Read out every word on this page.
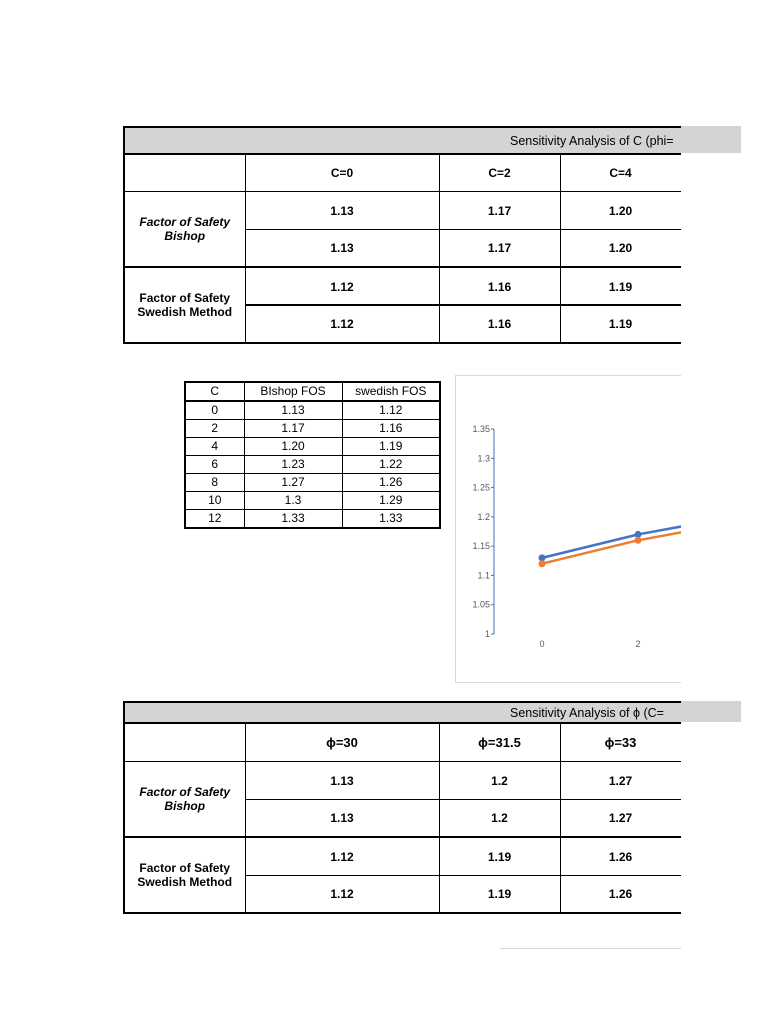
Sensitivity Analysis of C (phi=				
	C=0	C=2	C=4	
Factor of Safety
Bishop	1.13	1.17	1.20	
	1.13	1.17	1.20	
Factor of Safety
Swedish Method	1.12	1.16	1.19	
	1.12	1.16	1.19	
C	BIshop FOS	swedish FOS
0	1.13	1.12
2	1.17	1.16
4	1.20	1.19
6	1.23	1.22
8	1.27	1.26
10	1.3	1.29
12	1.33	1.33
1
1.05
1.1
1.15
1.2
1.25
1.3
1.35
0	2
Sensitivity Analysis of ϕ (C=				
	ϕ=30	ϕ=31.5	ϕ=33	
Factor of Safety
Bishop	1.13	1.2	1.27	
	1.13	1.2	1.27	
Factor of Safety
Swedish Method	1.12	1.19	1.26	
	1.12	1.19	1.26	
